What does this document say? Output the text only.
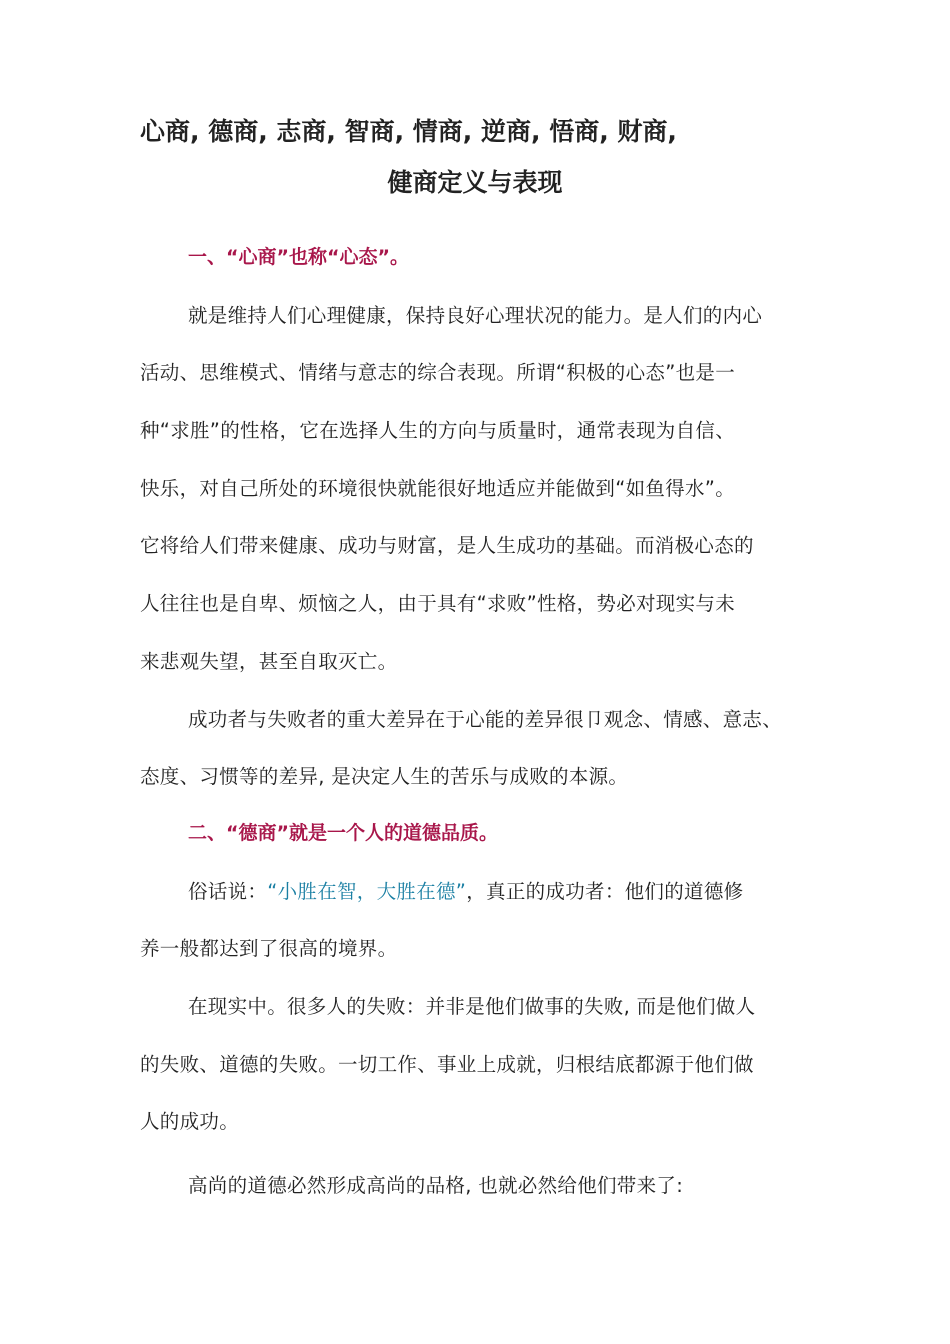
心商, 德商, 志商, 智商, 情商, 逆商, 悟商, 财商,
健商定义与表现
一、“心商”也称“心态”。
就是维持人们心理健康，保持良好心理状况的能力。是人们的内心
活动、思维模式、情绪与意志的综合表现。所谓“积极的心态”也是一
种“求胜”的性格，它在选择人生的方向与质量时，通常表现为自信、
快乐，对自己所处的环境很快就能很好地适应并能做到“如鱼得水”。
它将给人们带来健康、成功与财富，是人生成功的基础。而消极心态的
人往往也是自卑、烦恼之人，由于具有“求败”性格，势必对现实与未
来悲观失望，甚至自取灭亡。
成功者与失败者的重大差异在于心能的差异很卩观念、情感、意志、
态度、习惯等的差异, 是决定人生的苦乐与成败的本源。
二、“德商”就是一个人的道德品质。
俗话说：“小胜在智，大胜在德”，真正的成功者：他们的道德修
养一般都达到了很高的境界。
在现实中。很多人的失败：并非是他们做事的失败, 而是他们做人
的失败、道德的失败。一切工作、事业上成就，归根结底都源于他们做
人的成功。
高尚的道德必然形成高尚的品格, 也就必然给他们带来了:
